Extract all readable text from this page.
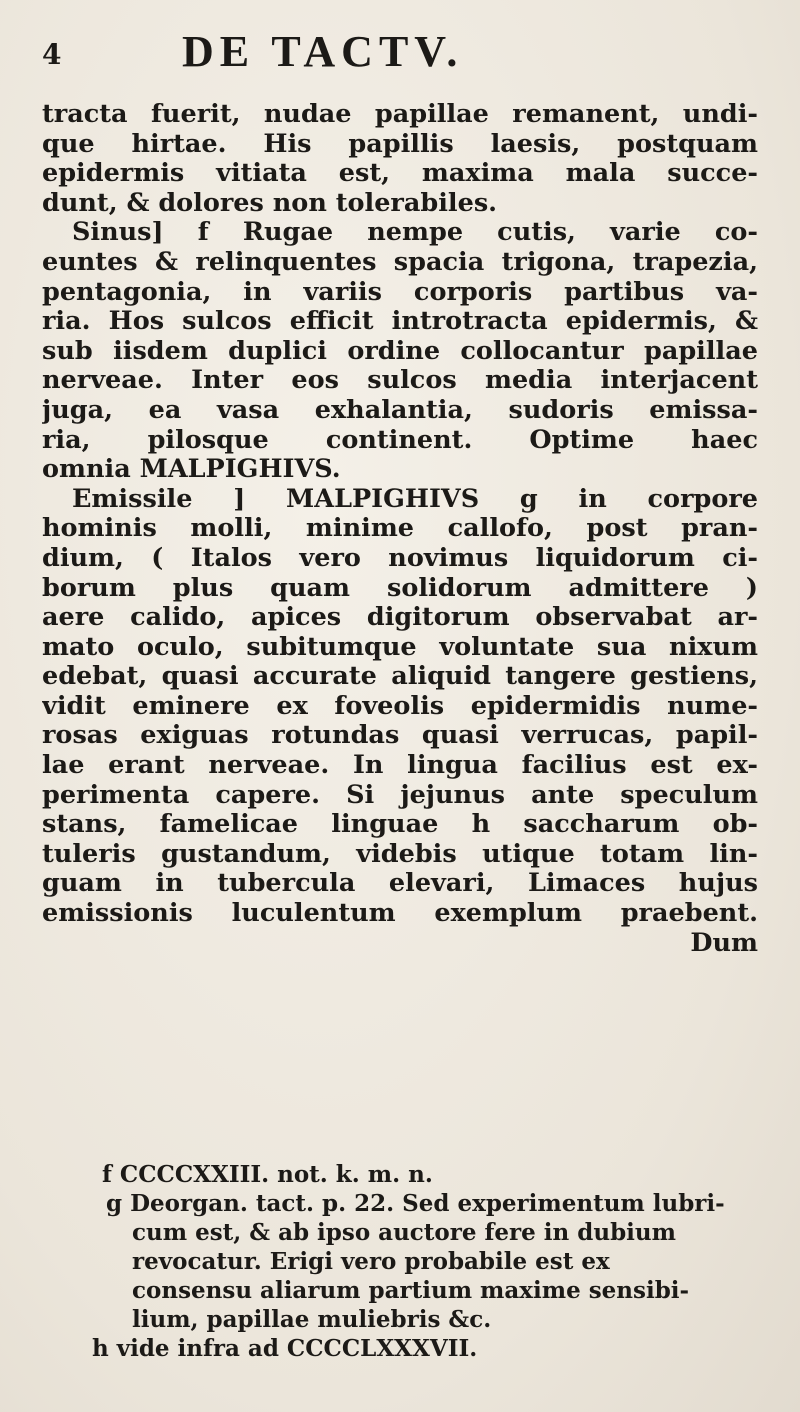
4	DE TACTV.
tracta fuerit, nudae papillae remanent, undi-
que hirtae. His papillis laesis, postquam
epidermis vitiata est, maxima mala succe-
dunt, & dolores non tolerabiles.
Sinus] f Rugae nempe cutis, varie co-
euntes & relinquentes spacia trigona, trapezia,
pentagonia, in variis corporis partibus va-
ria. Hos sulcos efficit introtracta epidermis, &
sub iisdem duplici ordine collocantur papillae
nerveae. Inter eos sulcos media interjacent
juga, ea vasa exhalantia, sudoris emissa-
ria, pilosque continent. Optime haec
omnia MALPIGHIVS.
Emissile ] MALPIGHIVS g in corpore
hominis molli, minime callofo, post pran-
dium, ( Italos vero novimus liquidorum ci-
borum plus quam solidorum admittere )
aere calido, apices digitorum observabat ar-
mato oculo, subitumque voluntate sua nixum
edebat, quasi accurate aliquid tangere gestiens,
vidit eminere ex foveolis epidermidis nume-
rosas exiguas rotundas quasi verrucas, papil-
lae erant nerveae. In lingua facilius est ex-
perimenta capere. Si jejunus ante speculum
stans, famelicae linguae h saccharum ob-
tuleris gustandum, videbis utique totam lin-
guam in tubercula elevari, Limaces hujus
emissionis luculentum exemplum praebent.
Dum
f CCCCXXIII. not. k. m. n.
g Deorgan. tact. p. 22. Sed experimentum lubri-
cum est, & ab ipso auctore fere in dubium
revocatur. Erigi vero probabile est ex
consensu aliarum partium maxime sensibi-
lium, papillae muliebris &c.
h vide infra ad CCCCLXXXVII.
